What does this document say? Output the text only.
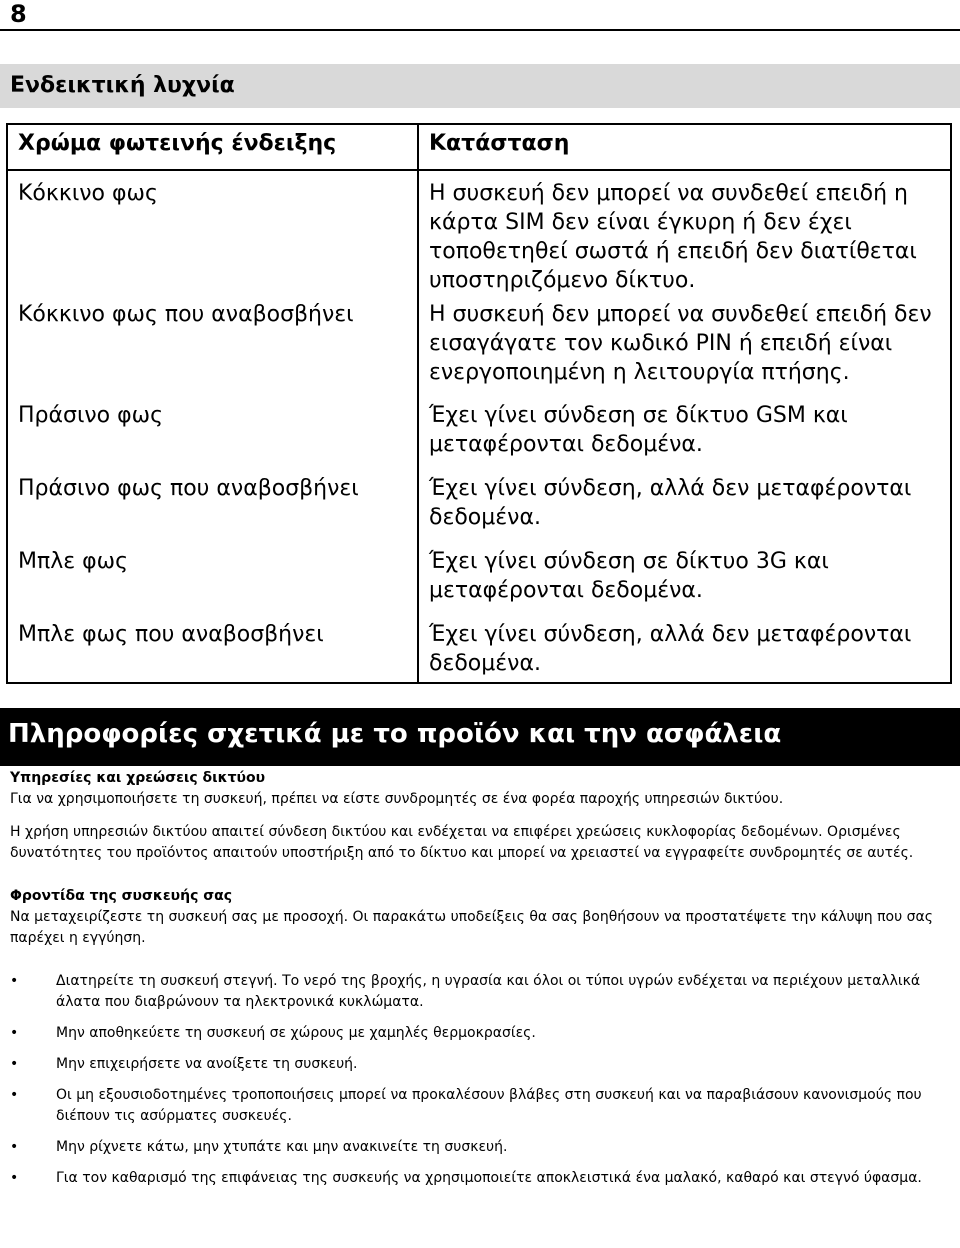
8
Ενδεικτική λυχνία
Χρώμα φωτεινής ένδειξης	Κατάσταση
Κόκκινο φως	Η συσκευή δεν μπορεί να συνδεθεί επειδή η κάρτα SIM δεν είναι έγκυρη ή δεν έχει τοποθετηθεί σωστά ή επειδή δεν διατίθεται υποστηριζόμενο δίκτυο.
Κόκκινο φως που αναβοσβήνει	Η συσκευή δεν μπορεί να συνδεθεί επειδή δεν εισαγάγατε τον κωδικό PIN ή επειδή είναι ενεργοποιημένη η λειτουργία πτήσης.
Πράσινο φως	Έχει γίνει σύνδεση σε δίκτυο GSM και μεταφέρονται δεδομένα.
Πράσινο φως που αναβοσβήνει	Έχει γίνει σύνδεση, αλλά δεν μεταφέρονται δεδομένα.
Μπλε φως	Έχει γίνει σύνδεση σε δίκτυο 3G και μεταφέρονται δεδομένα.
Μπλε φως που αναβοσβήνει	Έχει γίνει σύνδεση, αλλά δεν μεταφέρονται δεδομένα.
Πληροφορίες σχετικά με το προϊόν και την ασφάλεια
Υπηρεσίες και χρεώσεις δικτύου

Για να χρησιμοποιήσετε τη συσκευή, πρέπει να είστε συνδρομητές σε ένα φορέα παροχής υπηρεσιών δικτύου.

Η χρήση υπηρεσιών δικτύου απαιτεί σύνδεση δικτύου και ενδέχεται να επιφέρει χρεώσεις κυκλοφορίας δεδομένων. Ορισμένες δυνατότητες του προϊόντος απαιτούν υποστήριξη από το δίκτυο και μπορεί να χρειαστεί να εγγραφείτε συνδρομητές σε αυτές.

Φροντίδα της συσκευής σας

Να μεταχειρίζεστε τη συσκευή σας με προσοχή. Οι παρακάτω υποδείξεις θα σας βοηθήσουν να προστατέψετε την κάλυψη που σας παρέχει η εγγύηση.

•	Διατηρείτε τη συσκευή στεγνή. Το νερό της βροχής, η υγρασία και όλοι οι τύποι υγρών ενδέχεται να περιέχουν μεταλλικά άλατα που διαβρώνουν τα ηλεκτρονικά κυκλώματα.
•	Μην αποθηκεύετε τη συσκευή σε χώρους με χαμηλές θερμοκρασίες.
•	Μην επιχειρήσετε να ανοίξετε τη συσκευή.
•	Οι μη εξουσιοδοτημένες τροποποιήσεις μπορεί να προκαλέσουν βλάβες στη συσκευή και να παραβιάσουν κανονισμούς που διέπουν τις ασύρματες συσκευές.
•	Μην ρίχνετε κάτω, μην χτυπάτε και μην ανακινείτε τη συσκευή.
•	Για τον καθαρισμό της επιφάνειας της συσκευής να χρησιμοποιείτε αποκλειστικά ένα μαλακό, καθαρό και στεγνό ύφασμα.
